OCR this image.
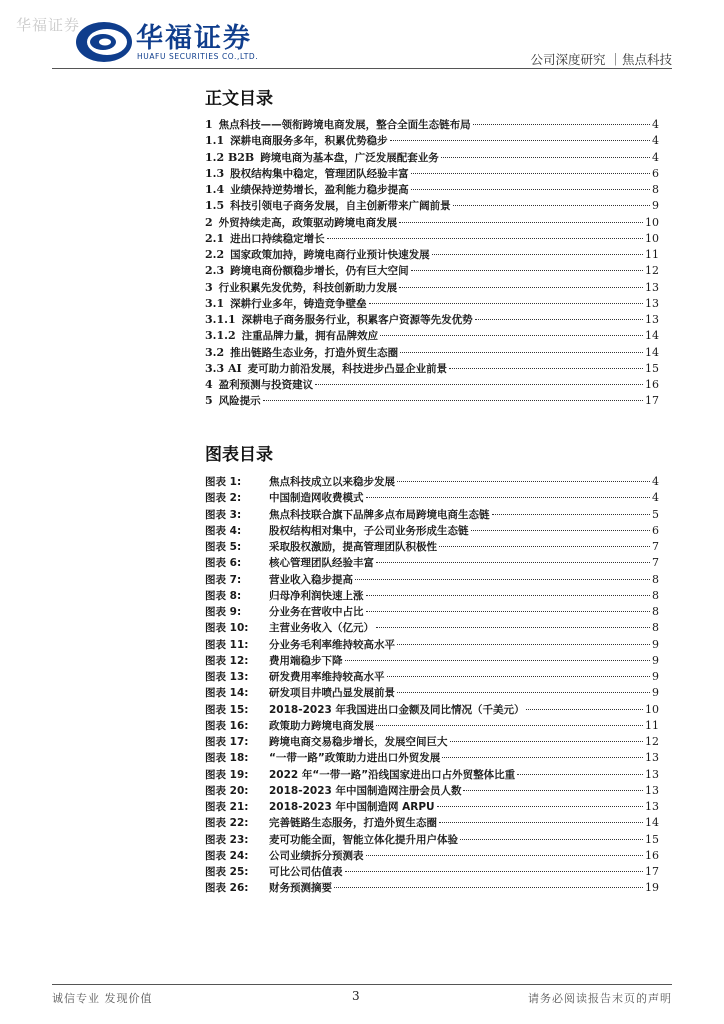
华福证券 华福证券
HUAFU SECURITIES CO.,LTD.	公司深度研究 ｜焦点科技
正文目录
1 焦点科技——领衔跨境电商发展，整合全面生态链布局	4
1.1 深耕电商服务多年，积累优势稳步	4
1.2 B2B 跨境电商为基本盘，广泛发展配套业务	4
1.3 股权结构集中稳定，管理团队经验丰富	6
1.4 业绩保持逆势增长，盈利能力稳步提高	8
1.5 科技引领电子商务发展，自主创新带来广阔前景	9
2 外贸持续走高，政策驱动跨境电商发展	10
2.1 进出口持续稳定增长	10
2.2 国家政策加持，跨境电商行业预计快速发展	11
2.3 跨境电商份额稳步增长，仍有巨大空间	12
3 行业积累先发优势，科技创新助力发展	13
3.1 深耕行业多年，铸造竞争壁垒	13
3.1.1 深耕电子商务服务行业，积累客户资源等先发优势	13
3.1.2 注重品牌力量，拥有品牌效应	14
3.2 推出链路生态业务，打造外贸生态圈	14
3.3 AI 麦可助力前沿发展，科技进步凸显企业前景	15
4 盈利预测与投资建议	16
5 风险提示	17
图表目录
图表 1:	焦点科技成立以来稳步发展	4
图表 2:	中国制造网收费模式	4
图表 3:	焦点科技联合旗下品牌多点布局跨境电商生态链	5
图表 4:	股权结构相对集中，子公司业务形成生态链	6
图表 5:	采取股权激励，提高管理团队积极性	7
图表 6:	核心管理团队经验丰富	7
图表 7:	营业收入稳步提高	8
图表 8:	归母净利润快速上涨	8
图表 9:	分业务在营收中占比	8
图表 10:	主营业务收入（亿元）	8
图表 11:	分业务毛利率维持较高水平	9
图表 12:	费用端稳步下降	9
图表 13:	研发费用率维持较高水平	9
图表 14:	研发项目井喷凸显发展前景	9
图表 15:	2018-2023 年我国进出口金额及同比情况（千美元）	10
图表 16:	政策助力跨境电商发展	11
图表 17:	跨境电商交易稳步增长，发展空间巨大	12
图表 18:	“一带一路”政策助力进出口外贸发展	13
图表 19:	2022 年“一带一路”沿线国家进出口占外贸整体比重	13
图表 20:	2018-2023 年中国制造网注册会员人数	13
图表 21:	2018-2023 年中国制造网 ARPU	13
图表 22:	完善链路生态服务，打造外贸生态圈	14
图表 23:	麦可功能全面，智能立体化提升用户体验	15
图表 24:	公司业绩拆分预测表	16
图表 25:	可比公司估值表	17
图表 26:	财务预测摘要	19
诚信专业 发现价值	3	请务必阅读报告末页的声明
